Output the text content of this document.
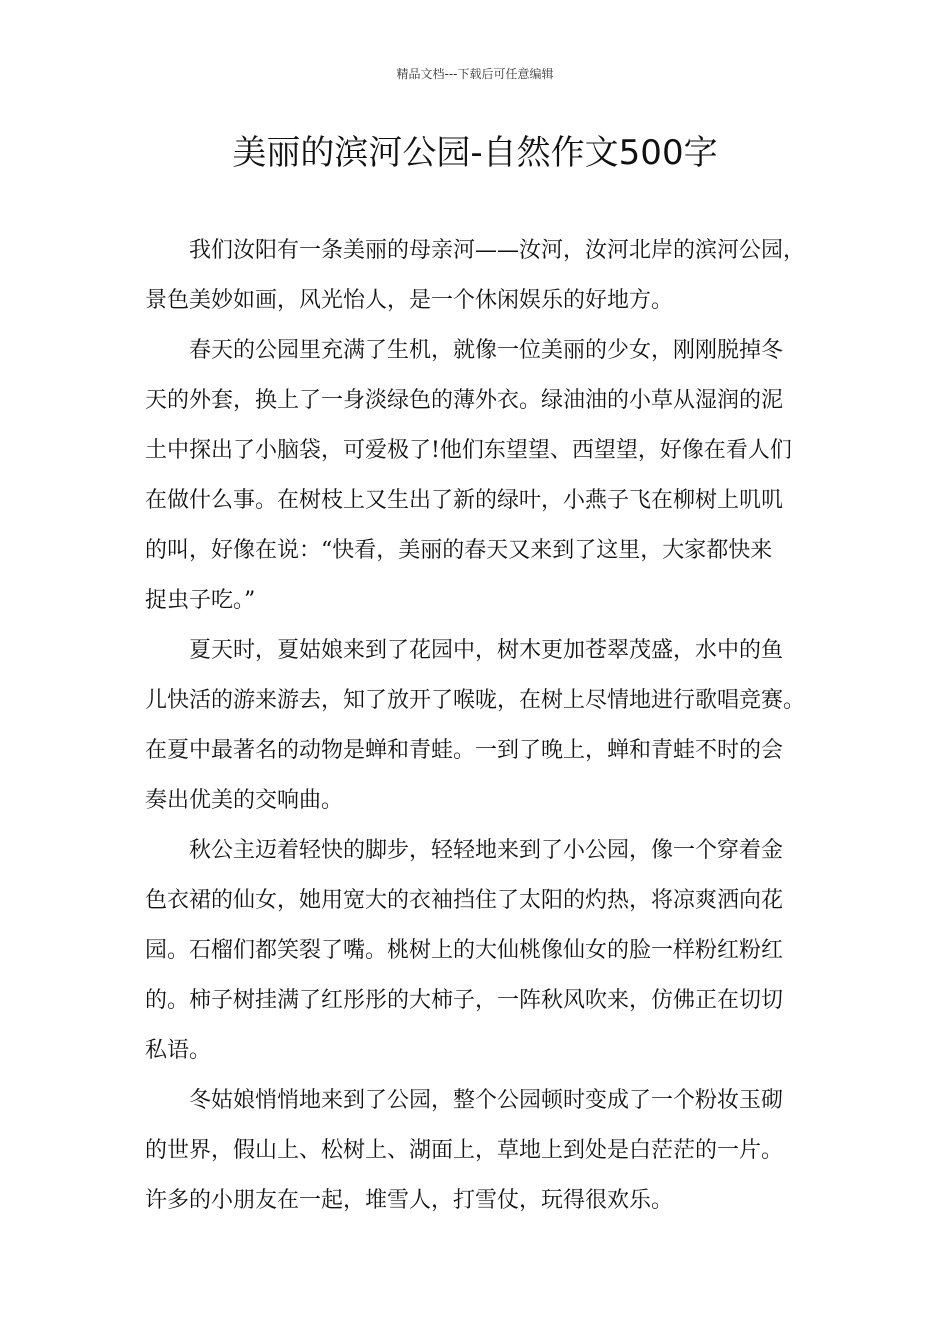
精品文档---下载后可任意编辑
美丽的滨河公园-自然作文500字

我们汝阳有一条美丽的母亲河——汝河，汝河北岸的滨河公园，
景色美妙如画，风光怡人，是一个休闲娱乐的好地方。

春天的公园里充满了生机，就像一位美丽的少女，刚刚脱掉冬
天的外套，换上了一身淡绿色的薄外衣。绿油油的小草从湿润的泥
土中探出了小脑袋，可爱极了!他们东望望、西望望，好像在看人们
在做什么事。在树枝上又生出了新的绿叶，小燕子飞在柳树上叽叽
的叫，好像在说：“快看，美丽的春天又来到了这里，大家都快来
捉虫子吃。”

夏天时，夏姑娘来到了花园中，树木更加苍翠茂盛，水中的鱼
儿快活的游来游去，知了放开了喉咙，在树上尽情地进行歌唱竞赛。
在夏中最著名的动物是蝉和青蛙。一到了晚上，蝉和青蛙不时的会
奏出优美的交响曲。

秋公主迈着轻快的脚步，轻轻地来到了小公园，像一个穿着金
色衣裙的仙女，她用宽大的衣袖挡住了太阳的灼热，将凉爽洒向花
园。石榴们都笑裂了嘴。桃树上的大仙桃像仙女的脸一样粉红粉红
的。柿子树挂满了红彤彤的大柿子，一阵秋风吹来，仿佛正在切切
私语。

冬姑娘悄悄地来到了公园，整个公园顿时变成了一个粉妆玉砌
的世界，假山上、松树上、湖面上，草地上到处是白茫茫的一片。
许多的小朋友在一起，堆雪人，打雪仗，玩得很欢乐。
